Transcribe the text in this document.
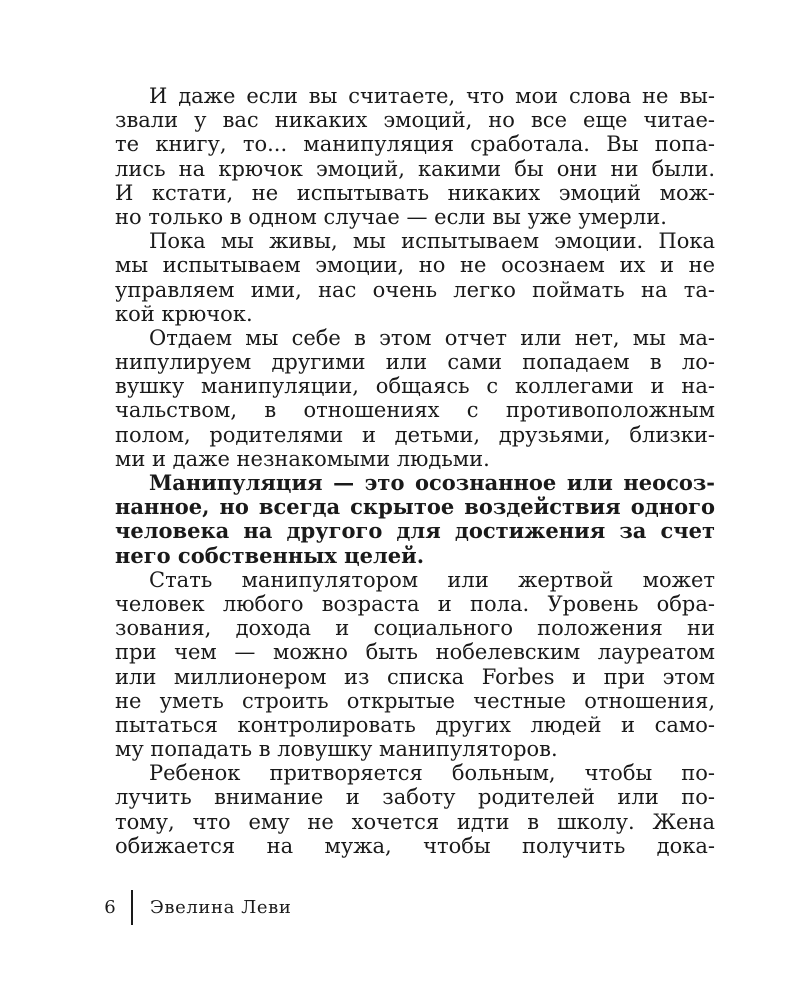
И даже если вы считаете, что мои слова не вы-
звали у вас никаких эмоций, но все еще читае-
те книгу, то... манипуляция сработала. Вы попа-
лись на крючок эмоций, какими бы они ни были.
И кстати, не испытывать никаких эмоций мож-
но только в одном случае — если вы уже умерли.
Пока мы живы, мы испытываем эмоции. Пока
мы испытываем эмоции, но не осознаем их и не
управляем ими, нас очень легко поймать на та-
кой крючок.
Отдаем мы себе в этом отчет или нет, мы ма-
нипулируем другими или сами попадаем в ло-
вушку манипуляции, общаясь с коллегами и на-
чальством, в отношениях с противоположным
полом, родителями и детьми, друзьями, близки-
ми и даже незнакомыми людьми.
Манипуляция — это осознанное или неосоз-
нанное, но всегда скрытое воздействия одного
человека на другого для достижения за счет
него собственных целей.
Стать манипулятором или жертвой может
человек любого возраста и пола. Уровень обра-
зования, дохода и социального положения ни
при чем — можно быть нобелевским лауреатом
или миллионером из списка Forbes и при этом
не уметь строить открытые честные отношения,
пытаться контролировать других людей и само-
му попадать в ловушку манипуляторов.
Ребенок притворяется больным, чтобы по-
лучить внимание и заботу родителей или по-
тому, что ему не хочется идти в школу. Жена
обижается на мужа, чтобы получить дока-
6 Эвелина Леви
